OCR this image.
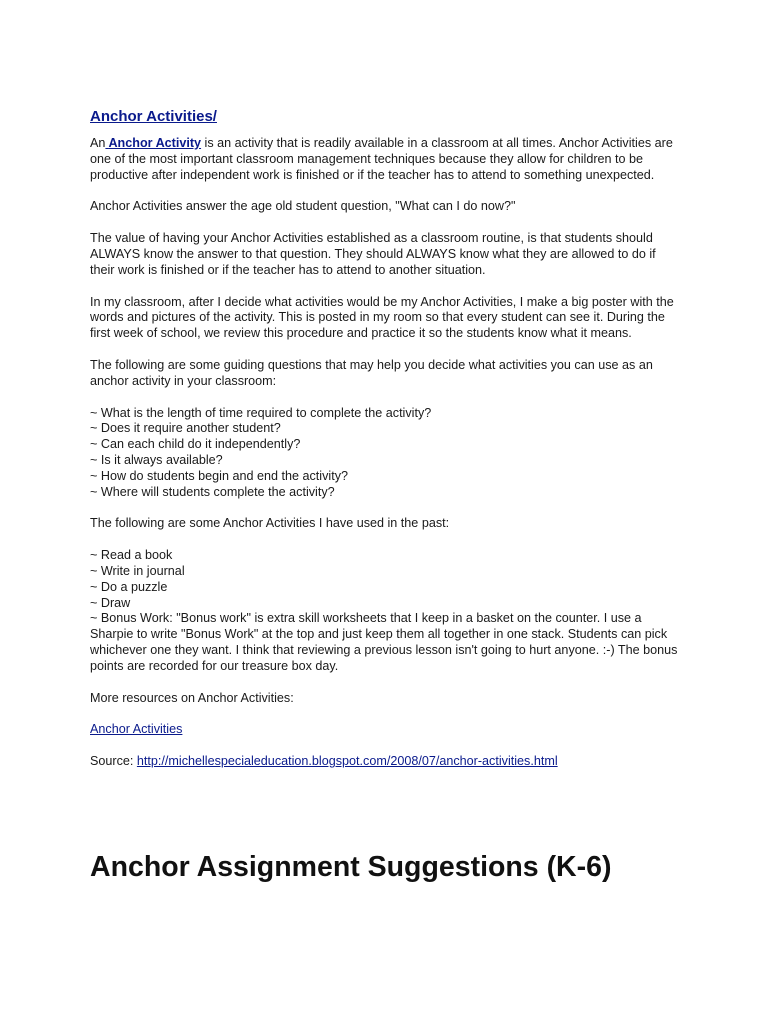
Anchor Activities/

An Anchor Activity is an activity that is readily available in a classroom at all times. Anchor Activities are one of the most important classroom management techniques because they allow for children to be productive after independent work is finished or if the teacher has to attend to something unexpected.

Anchor Activities answer the age old student question, "What can I do now?"

The value of having your Anchor Activities established as a classroom routine, is that students should ALWAYS know the answer to that question. They should ALWAYS know what they are allowed to do if their work is finished or if the teacher has to attend to another situation.

In my classroom, after I decide what activities would be my Anchor Activities, I make a big poster with the words and pictures of the activity. This is posted in my room so that every student can see it. During the first week of school, we review this procedure and practice it so the students know what it means.

The following are some guiding questions that may help you decide what activities you can use as an anchor activity in your classroom:

~ What is the length of time required to complete the activity?
~ Does it require another student?
~ Can each child do it independently?
~ Is it always available?
~ How do students begin and end the activity?
~ Where will students complete the activity?

The following are some Anchor Activities I have used in the past:

~ Read a book
~ Write in journal
~ Do a puzzle
~ Draw
~ Bonus Work: "Bonus work" is extra skill worksheets that I keep in a basket on the counter. I use a Sharpie to write "Bonus Work" at the top and just keep them all together in one stack. Students can pick whichever one they want. I think that reviewing a previous lesson isn't going to hurt anyone. :-) The bonus points are recorded for our treasure box day.

More resources on Anchor Activities:

Anchor Activities

Source: http://michellespecialeducation.blogspot.com/2008/07/anchor-activities.html

Anchor Assignment Suggestions (K-6)
